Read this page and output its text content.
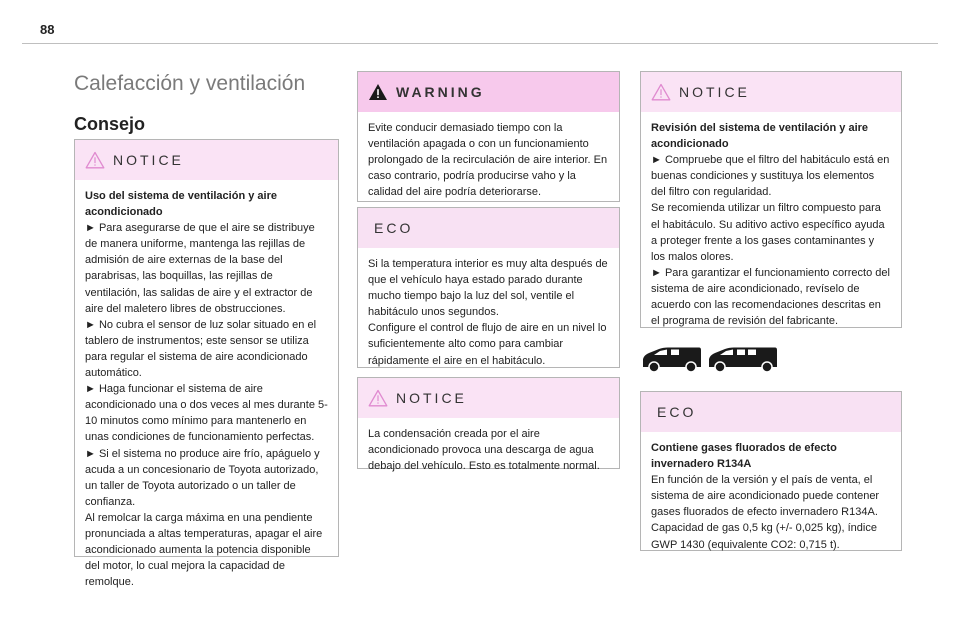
88
Calefacción y ventilación
Consejo
NOTICE

Uso del sistema de ventilación y aire acondicionado

► Para asegurarse de que el aire se distribuye de manera uniforme, mantenga las rejillas de admisión de aire externas de la base del parabrisas, las boquillas, las rejillas de ventilación, las salidas de aire y el extractor de aire del maletero libres de obstrucciones.

► No cubra el sensor de luz solar situado en el tablero de instrumentos; este sensor se utiliza para regular el sistema de aire acondicionado automático.

► Haga funcionar el sistema de aire acondicionado una o dos veces al mes durante 5-10 minutos como mínimo para mantenerlo en unas condiciones de funcionamiento perfectas.

► Si el sistema no produce aire frío, apáguelo y acuda a un concesionario de Toyota autorizado, un taller de Toyota autorizado o un taller de confianza.

Al remolcar la carga máxima en una pendiente pronunciada a altas temperaturas, apagar el aire acondicionado aumenta la potencia disponible del motor, lo cual mejora la capacidad de remolque.

WARNING

Evite conducir demasiado tiempo con la ventilación apagada o con un funcionamiento prolongado de la recirculación de aire interior. En caso contrario, podría producirse vaho y la calidad del aire podría deteriorarse.

ECO

Si la temperatura interior es muy alta después de que el vehículo haya estado parado durante mucho tiempo bajo la luz del sol, ventile el habitáculo unos segundos.

Configure el control de flujo de aire en un nivel lo suficientemente alto como para cambiar rápidamente el aire en el habitáculo.

NOTICE

La condensación creada por el aire acondicionado provoca una descarga de agua debajo del vehículo. Esto es totalmente normal.

NOTICE

Revisión del sistema de ventilación y aire acondicionado

► Compruebe que el filtro del habitáculo está en buenas condiciones y sustituya los elementos del filtro con regularidad.

Se recomienda utilizar un filtro compuesto para el habitáculo. Su aditivo activo específico ayuda a proteger frente a los gases contaminantes y los malos olores.

► Para garantizar el funcionamiento correcto del sistema de aire acondicionado, revíselo de acuerdo con las recomendaciones descritas en el programa de revisión del fabricante.

ECO

Contiene gases fluorados de efecto invernadero R134A

En función de la versión y el país de venta, el sistema de aire acondicionado puede contener gases fluorados de efecto invernadero R134A.

Capacidad de gas 0,5 kg (+/- 0,025 kg), índice GWP 1430 (equivalente CO2: 0,715 t).
